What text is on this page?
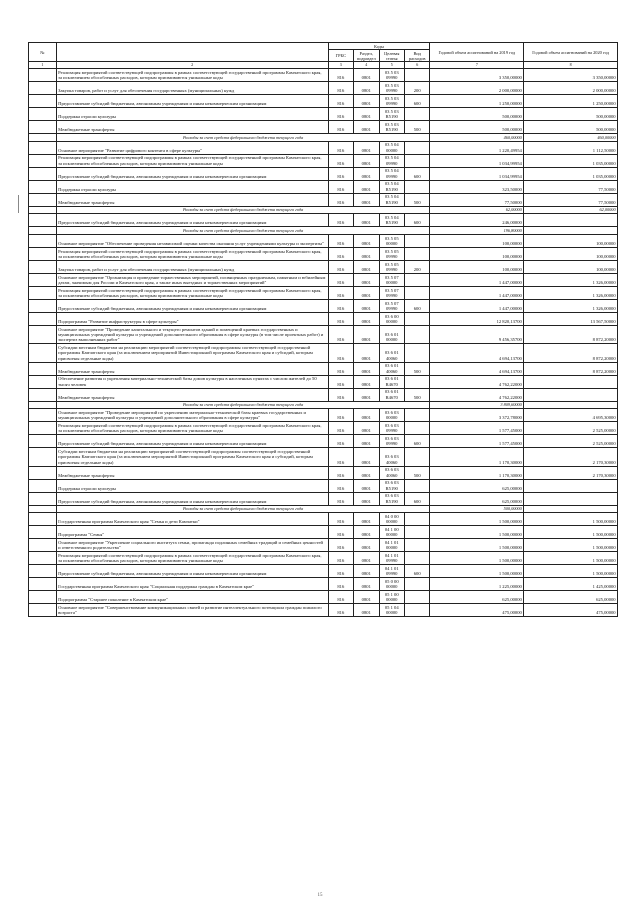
№		Коды				Годовой объем ассигнований на 2019 год	Годовой объем ассигнований на 2020 год
		ГРБС	Раздел, подраздел	Целевая статья	Вид расходов		
1	2	3	4	5	6	7	8
	Реализация мероприятий соответствующей подпрограммы в рамках соответствующей государственной программы Камчатского края, за исключением обособленных расходов, которым присваиваются уникальные коды	816	0801	03 5 03 09990		3 350,00000	3 350,00000
	Закупка товаров, работ и услуг для обеспечения государственных (муниципальных) нужд	816	0801	03 5 03 09990	200	2 000,00000	2 000,00000
	Предоставление субсидий бюджетным, автономным учреждениям и иным некоммерческим организациям	816	0801	03 5 03 09990	600	1 250,00000	1 250,00000
	Поддержка отрасли культуры	816	0801	03 5 03 R5190		500,00000	500,00000
	Межбюджетные трансферты	816	0801	03 5 03 R5190	500	500,00000	500,00000
	Расходы за счет средств федерального бюджета текущего года					460,00000	460,00000
	Основное мероприятие "Развитие цифрового контента в сфере культуры"	816	0801	03 5 04 00000		1 220,49954	1 112,50000
	Реализация мероприятий соответствующей подпрограммы в рамках соответствующей государственной программы Камчатского края, за исключением обособленных расходов, которым присваиваются уникальные коды	816	0801	03 5 04 09990		1 034,99954	1 035,00000
	Предоставление субсидий бюджетным, автономным учреждениям и иным некоммерческим организациям	816	0801	03 5 04 09990	600	1 034,99954	1 035,00000
	Поддержка отрасли культуры	816	0801	03 5 04 R5190		323,50000	77,50000
	Межбюджетные трансферты	816	0801	03 5 04 R5190	500	77,50000	77,50000
	Расходы за счет средств федерального бюджета текущего года					62,00000	62,00000
	Предоставление субсидий бюджетным, автономным учреждениям и иным некоммерческим организациям	816	0801	03 5 04 R5190	600	246,00000	
	Расходы за счет средств федерального бюджета текущего года					196,80000	
	Основное мероприятие "Обеспечение проведения независимой оценки качества оказания услуг учреждениями культуры и экспертизы"	816	0801	03 5 05 00000		100,00000	100,00000
	Реализация мероприятий соответствующей подпрограммы в рамках соответствующей государственной программы Камчатского края, за исключением обособленных расходов, которым присваиваются уникальные коды	816	0801	03 5 05 09990		100,00000	100,00000
	Закупка товаров, работ и услуг для обеспечения государственных (муниципальных) нужд	816	0801	03 5 05 09990	200	100,00000	100,00000
	Основное мероприятие "Организация и проведение торжественных мероприятий, посвященных праздничным, памятным и юбилейным датам, значимым для России и Камчатского края, а также иных выездных и торжественных мероприятий"	816	0801	03 5 07 00000		1 447,00000	1 326,00000
	Реализация мероприятий соответствующей подпрограммы в рамках соответствующей государственной программы Камчатского края, за исключением обособленных расходов, которым присваиваются уникальные коды	816	0801	03 5 07 09990		1 447,00000	1 326,00000
	Предоставление субсидий бюджетным, автономным учреждениям и иным некоммерческим организациям	816	0801	03 5 07 09990	600	1 447,00000	1 326,00000
	Подпрограмма "Развитие инфраструктуры в сфере культуры"	816	0801	03 6 00 00000		12 820,13700	13 567,50000
	Основное мероприятие "Проведение капитального и текущего ремонтов зданий и помещений краевых государственных и муниципальных учреждений культуры и учреждений дополнительного образования в сфере культуры (в том числе проектных работ) и экспертиз выполненных работ"	816	0801	03 6 01 00000		9 456,35700	8 872,20000
	Субсидии местным бюджетам на реализацию мероприятий соответствующей подпрограммы соответствующей государственной программы Камчатского края (за исключением мероприятий Инвестиционной программы Камчатского края и субсидий, которым присвоены отдельные коды)	816	0801	03 6 01 40060		4 694,13700	8 872,20000
	Межбюджетные трансферты	816	0801	03 6 01 40060	500	4 694,13700	8 872,20000
	Обеспечение развития и укрепления материально-технической базы домов культуры в населенных пунктах с числом жителей до 50 тысяч человек	816	0801	03 6 01 R4670		4 762,22000	
	Межбюджетные трансферты	816	0801	03 6 01 R4670	500	4 762,22000	
	Расходы за счет средств федерального бюджета текущего года					3 809,60000	
	Основное мероприятие "Проведение мероприятий по укреплению материально-технической базы краевых государственных и муниципальных учреждений культуры и учреждений дополнительного образования в сфере культуры"	816	0801	03 6 03 00000		3 372,78000	4 695,30000
	Реализация мероприятий соответствующей подпрограммы в рамках соответствующей государственной программы Камчатского края, за исключением обособленных расходов, которым присваиваются уникальные коды	816	0801	03 6 03 09990		1 577,45000	2 525,00000
	Предоставление субсидий бюджетным, автономным учреждениям и иным некоммерческим организациям	816	0801	03 6 03 09990	600	1 577,45000	2 525,00000
	Субсидии местным бюджетам на реализацию мероприятий соответствующей подпрограммы соответствующей государственной программы Камчатского края (за исключением мероприятий Инвестиционной программы Камчатского края и субсидий, которым присвоены отдельные коды)	816	0801	03 6 03 40060		1 170,30000	2 170,30000
	Межбюджетные трансферты	816	0801	03 6 03 40060	500	1 170,30000	2 170,30000
	Поддержка отрасли культуры	816	0801	03 6 03 R5190		625,00000	
	Предоставление субсидий бюджетным, автономным учреждениям и иным некоммерческим организациям	816	0801	03 6 03 R5190	600	625,00000	
	Расходы за счет средств федерального бюджета текущего года					500,00000	
	Государственная программа Камчатского края "Семья и дети Камчатки"	816	0801	04 0 00 00000		1 500,00000	1 500,00000
	Подпрограмма "Семья"	816	0801	04 1 00 00000		1 500,00000	1 500,00000
	Основное мероприятие "Укрепление социального института семьи, пропаганда подлинных семейных традиций и семейных ценностей и ответственного родительства"	816	0801	04 1 01 00000		1 500,00000	1 500,00000
	Реализация мероприятий соответствующей подпрограммы в рамках соответствующей государственной программы Камчатского края, за исключением обособленных расходов, которым присваиваются уникальные коды	816	0801	04 1 01 09990		1 500,00000	1 500,00000
	Предоставление субсидий бюджетным, автономным учреждениям и иным некоммерческим организациям	816	0801	04 1 01 09990	600	1 500,00000	1 500,00000
	Государственная программа Камчатского края "Социальная поддержка граждан в Камчатском крае"	816	0801	05 0 00 00000		1 225,00000	1 425,00000
	Подпрограмма "Старшее поколение в Камчатском крае"	816	0801	05 1 00 00000		625,00000	625,00000
	Основное мероприятие "Совершенствование коммуникационных связей и развитие интеллектуального потенциала граждан пожилого возраста"	816	0801	05 1 04 00000		475,00000	475,00000
15
